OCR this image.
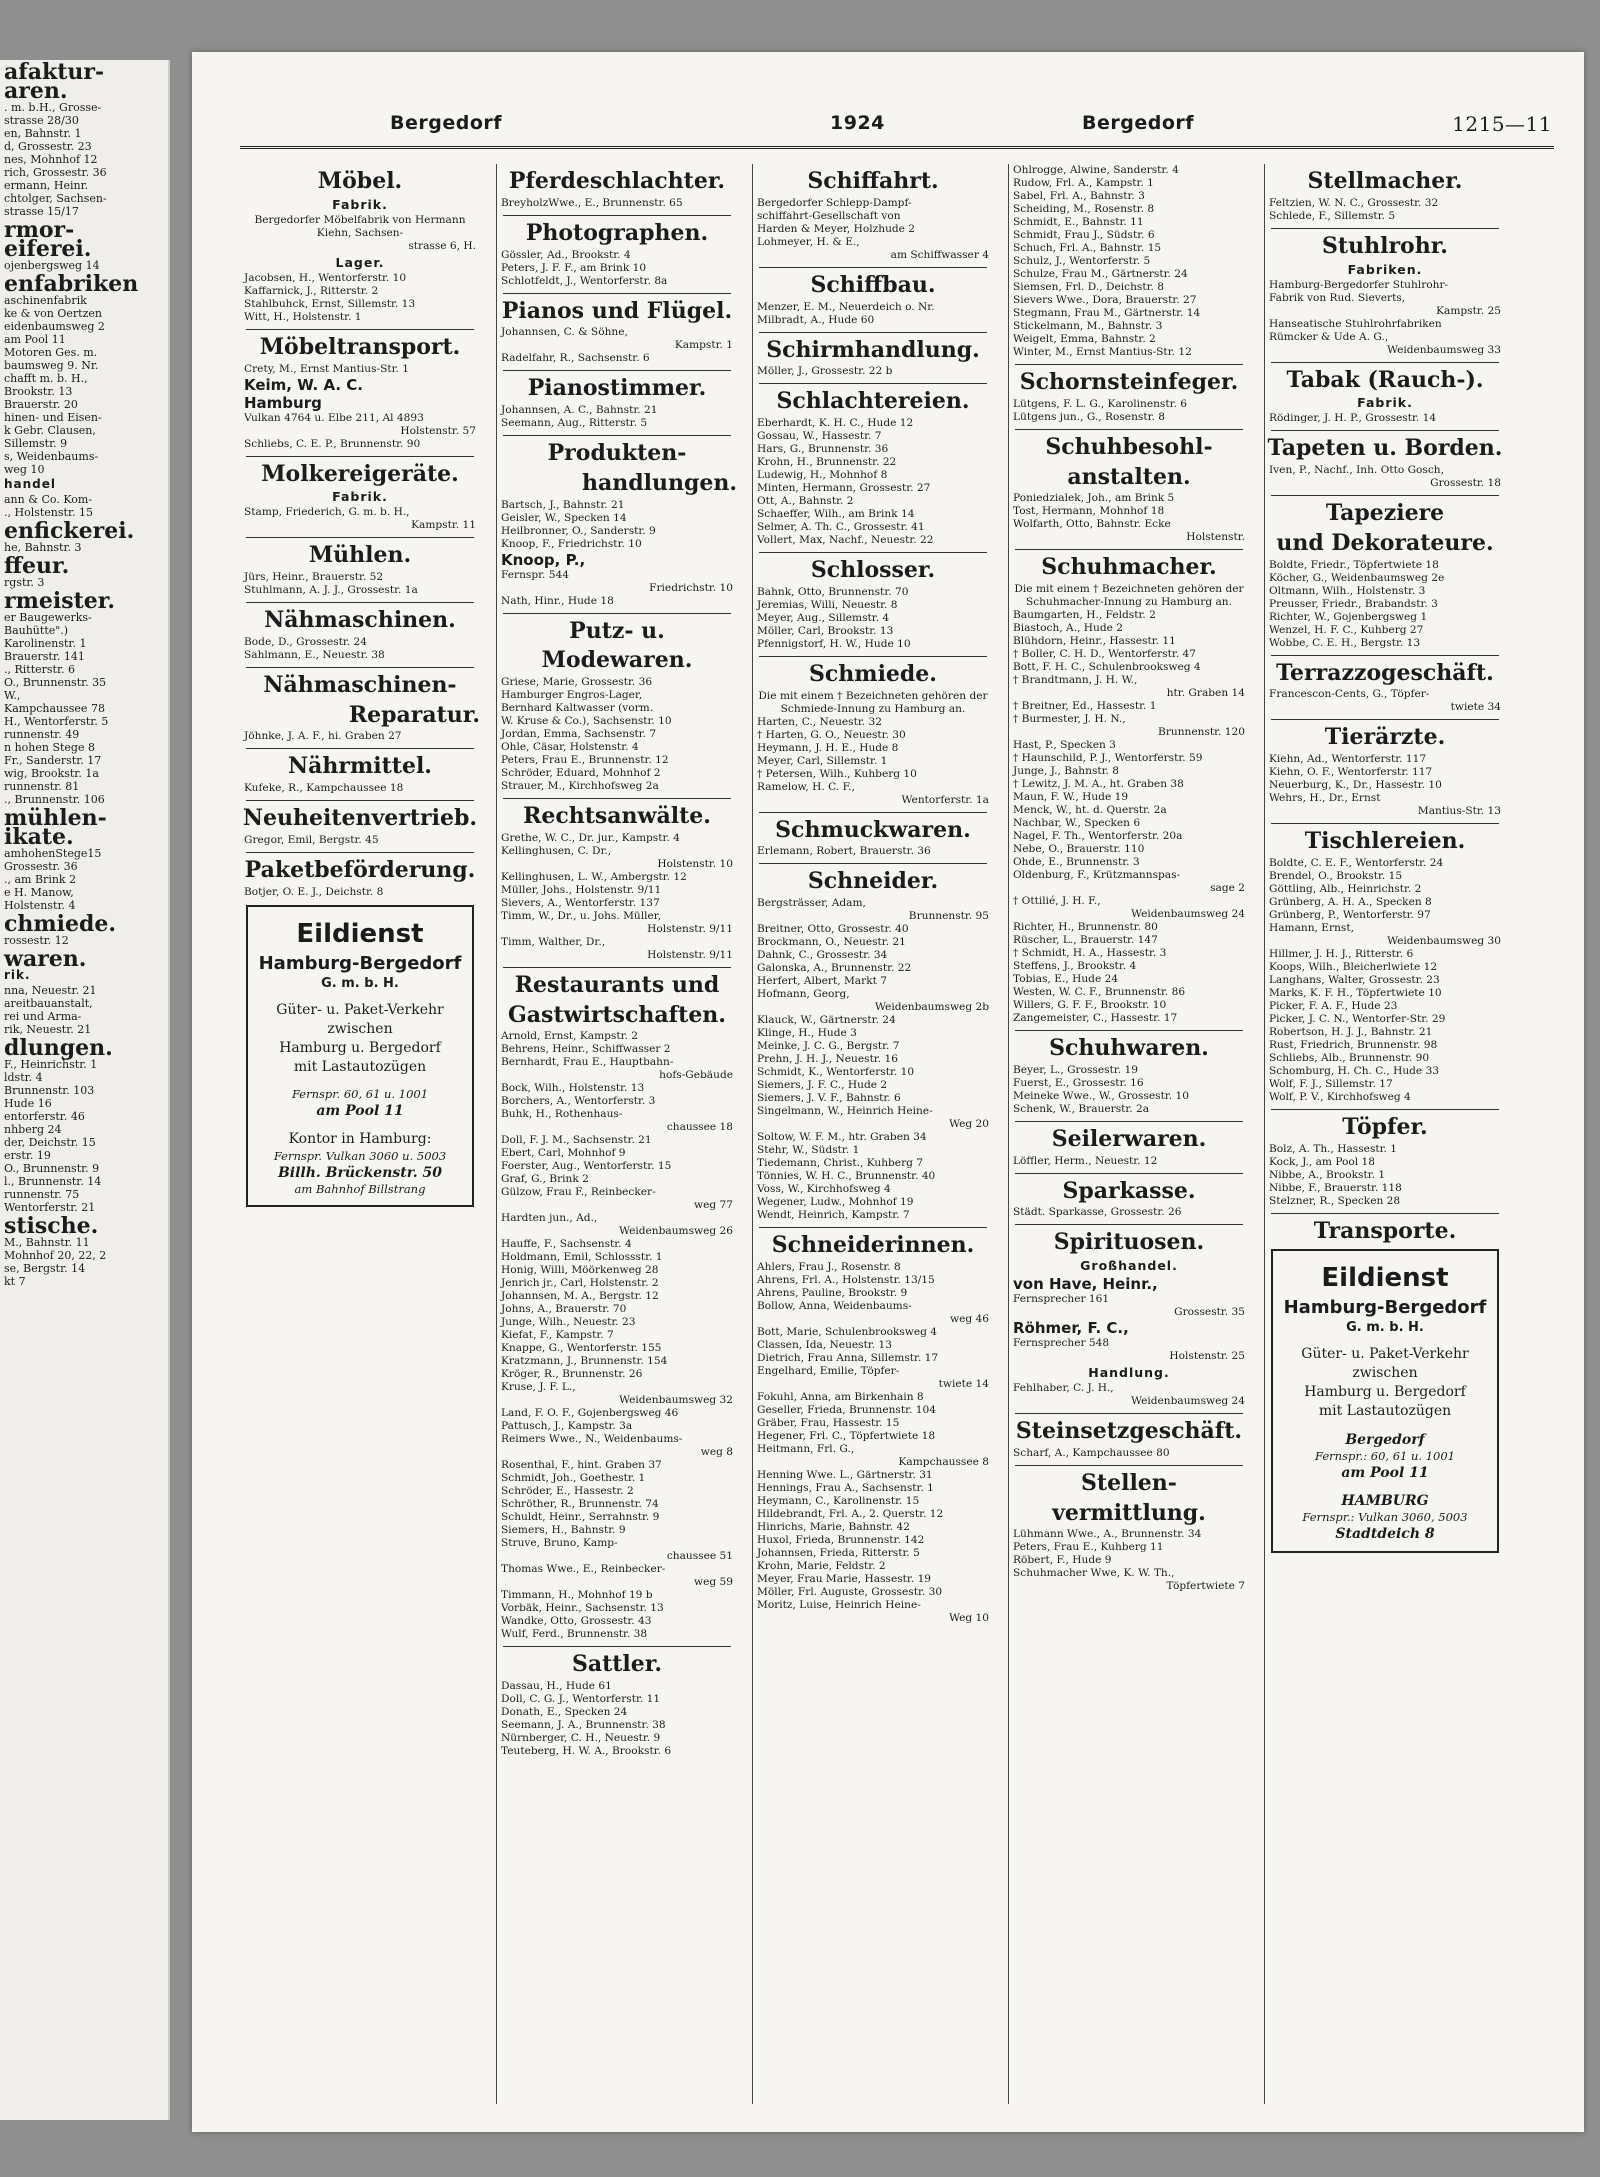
afaktur-
aren.
. m. b.H., Grosse-
strasse 28/30
en, Bahnstr. 1
d, Grossestr. 23
nes, Mohnhof 12
rich, Grossestr. 36
ermann, Heinr.
chtolger, Sachsen-
strasse 15/17
rmor-
eiferei.
ojenbergsweg 14
enfabriken
aschinenfabrik
ke & von Oertzen
eidenbaumsweg 2
am Pool 11
Motoren Ges. m.
baumsweg 9. Nr.
chafft m. b. H.,
Brookstr. 13
Brauerstr. 20
hinen- und Eisen-
k Gebr. Clausen,
Sillemstr. 9
s, Weidenbaums-
weg 10
handel
ann & Co. Kom-
., Holstenstr. 15
enfickerei.
he, Bahnstr. 3
ffeur.
rgstr. 3
rmeister.
er Baugewerks-
Bauhütte".)
Karolinenstr. 1
Brauerstr. 141
., Ritterstr. 6
O., Brunnenstr. 35
W.,
Kampchaussee 78
H., Wentorferstr. 5
runnenstr. 49
n hohen Stege 8
Fr., Sanderstr. 17
wig, Brookstr. 1a
runnenstr. 81
., Brunnenstr. 106
mühlen-
ikate.
amhohenStege15
Grossestr. 36
., am Brink 2
e H. Manow,
Holstenstr. 4
chmiede.
rossestr. 12
waren.
rik.
nna, Neuestr. 21
areitbauanstalt,
rei und Arma-
rik, Neuestr. 21
dlungen.
F., Heinrichstr. 1
ldstr. 4
Brunnenstr. 103
Hude 16
entorferstr. 46
nhberg 24
der, Deichstr. 15
erstr. 19
O., Brunnenstr. 9
l., Brunnenstr. 14
runnenstr. 75
Wentorferstr. 21
stische.
M., Bahnstr. 11
Mohnhof 20, 22, 2
se, Bergstr. 14
kt 7
Bergedorf	1924	Bergedorf	1215—11
Möbel.
Fabrik.
Bergedorfer Möbelfabrik von Hermann Kiehn, Sachsen-
strasse 6, H.
Lager.
Jacobsen, H., Wentorferstr. 10
Kaffarnick, J., Ritterstr. 2
Stahlbuhck, Ernst, Sillemstr. 13
Witt, H., Holstenstr. 1
Möbeltransport.
Crety, M., Ernst Mantius-Str. 1
Keim, W. A. C.
Hamburg
Vulkan 4764 u. Elbe 211, Al 4893
Holstenstr. 57
Schliebs, C. E. P., Brunnenstr. 90
Molkereigeräte.
Fabrik.
Stamp, Friederich, G. m. b. H.,
Kampstr. 11
Mühlen.
Jürs, Heinr., Brauerstr. 52
Stuhlmann, A. J. J., Grossestr. 1a
Nähmaschinen.
Bode, D., Grossestr. 24
Sahlmann, E., Neuestr. 38
Nähmaschinen-
Reparatur.
Jöhnke, J. A. F., hi. Graben 27
Nährmittel.
Kufeke, R., Kampchaussee 18
Neuheitenvertrieb.
Gregor, Emil, Bergstr. 45
Paketbeförderung.
Botjer, O. E. J., Deichstr. 8
Eildienst
Hamburg-Bergedorf
G. m. b. H.
Güter- u. Paket-Verkehr
zwischen
Hamburg u. Bergedorf
mit Lastautozügen
Fernspr. 60, 61 u. 1001
am Pool 11
Kontor in Hamburg:
Fernspr. Vulkan 3060 u. 5003
Billh. Brückenstr. 50
am Bahnhof Billstrang
Pferdeschlachter.
BreyholzWwe., E., Brunnenstr. 65
Photographen.
Gössler, Ad., Brookstr. 4
Peters, J. F. F., am Brink 10
Schlotfeldt, J., Wentorferstr. 8a
Pianos und Flügel.
Johannsen, C. & Söhne,
Kampstr. 1
Radelfahr, R., Sachsenstr. 6
Pianostimmer.
Johannsen, A. C., Bahnstr. 21
Seemann, Aug., Ritterstr. 5
Produkten-
handlungen.
Bartsch, J., Bahnstr. 21
Geisler, W., Specken 14
Heilbronner, O., Sanderstr. 9
Knoop, F., Friedrichstr. 10
Knoop, P.,
Fernspr. 544
Friedrichstr. 10
Nath, Hinr., Hude 18
Putz- u.
Modewaren.
Griese, Marie, Grossestr. 36
Hamburger Engros-Lager,
Bernhard Kaltwasser (vorm.
W. Kruse & Co.), Sachsenstr. 10
Jordan, Emma, Sachsenstr. 7
Ohle, Cäsar, Holstenstr. 4
Peters, Frau E., Brunnenstr. 12
Schröder, Eduard, Mohnhof 2
Strauer, M., Kirchhofsweg 2a
Rechtsanwälte.
Grethe, W. C., Dr. jur., Kampstr. 4
Kellinghusen, C. Dr.,
Holstenstr. 10
Kellinghusen, L. W., Ambergstr. 12
Müller, Johs., Holstenstr. 9/11
Sievers, A., Wentorferstr. 137
Timm, W., Dr., u. Johs. Müller,
Holstenstr. 9/11
Timm, Walther, Dr.,
Holstenstr. 9/11
Restaurants und
Gastwirtschaften.
Arnold, Ernst, Kampstr. 2
Behrens, Heinr., Schiffwasser 2
Bernhardt, Frau E., Hauptbahn-
hofs-Gebäude
Bock, Wilh., Holstenstr. 13
Borchers, A., Wentorferstr. 3
Buhk, H., Rothenhaus-
chaussee 18
Doll, F. J. M., Sachsenstr. 21
Ebert, Carl, Mohnhof 9
Foerster, Aug., Wentorferstr. 15
Graf, G., Brink 2
Gülzow, Frau F., Reinbecker-
weg 77
Hardten jun., Ad.,
Weidenbaumsweg 26
Hauffe, F., Sachsenstr. 4
Holdmann, Emil, Schlossstr. 1
Honig, Willi, Möörkenweg 28
Jenrich jr., Carl, Holstenstr. 2
Johannsen, M. A., Bergstr. 12
Johns, A., Brauerstr. 70
Junge, Wilh., Neuestr. 23
Kiefat, F., Kampstr. 7
Knappe, G., Wentorferstr. 155
Kratzmann, J., Brunnenstr. 154
Kröger, R., Brunnenstr. 26
Kruse, J. F. L.,
Weidenbaumsweg 32
Land, F. O. F., Gojenbergsweg 46
Pattusch, J., Kampstr. 3a
Reimers Wwe., N., Weidenbaums-
weg 8
Rosenthal, F., hint. Graben 37
Schmidt, Joh., Goethestr. 1
Schröder, E., Hassestr. 2
Schröther, R., Brunnenstr. 74
Schuldt, Heinr., Serrahnstr. 9
Siemers, H., Bahnstr. 9
Struve, Bruno, Kamp-
chaussee 51
Thomas Wwe., E., Reinbecker-
weg 59
Timmann, H., Mohnhof 19 b
Vorbäk, Heinr., Sachsenstr. 13
Wandke, Otto, Grossestr. 43
Wulf, Ferd., Brunnenstr. 38
Sattler.
Dassau, H., Hude 61
Doll, C. G. J., Wentorferstr. 11
Donath, E., Specken 24
Seemann, J. A., Brunnenstr. 38
Nürnberger, C. H., Neuestr. 9
Teuteberg, H. W. A., Brookstr. 6
Schiffahrt.
Bergedorfer Schlepp-Dampf-
schiffahrt-Gesellschaft von
Harden & Meyer, Holzhude 2
Lohmeyer, H. & E.,
am Schiffwasser 4
Schiffbau.
Menzer, E. M., Neuerdeich o. Nr.
Milbradt, A., Hude 60
Schirmhandlung.
Möller, J., Grossestr. 22 b
Schlachtereien.
Eberhardt, K. H. C., Hude 12
Gossau, W., Hassestr. 7
Hars, G., Brunnenstr. 36
Krohn, H., Brunnenstr. 22
Ludewig, H., Mohnhof 8
Minten, Hermann, Grossestr. 27
Ott, A., Bahnstr. 2
Schaeffer, Wilh., am Brink 14
Selmer, A. Th. C., Grossestr. 41
Vollert, Max, Nachf., Neuestr. 22
Schlosser.
Bahnk, Otto, Brunnenstr. 70
Jeremias, Willi, Neuestr. 8
Meyer, Aug., Sillemstr. 4
Möller, Carl, Brookstr. 13
Pfennigstorf, H. W., Hude 10
Schmiede.
Die mit einem † Bezeichneten gehören der Schmiede-Innung zu Hamburg an.
Harten, C., Neuestr. 32
† Harten, G. O., Neuestr. 30
Heymann, J. H. E., Hude 8
Meyer, Carl, Sillemstr. 1
† Petersen, Wilh., Kuhberg 10
Ramelow, H. C. F.,
Wentorferstr. 1a
Schmuckwaren.
Erlemann, Robert, Brauerstr. 36
Schneider.
Bergsträsser, Adam,
Brunnenstr. 95
Breitner, Otto, Grossestr. 40
Brockmann, O., Neuestr. 21
Dahnk, C., Grossestr. 34
Galonska, A., Brunnenstr. 22
Herfert, Albert, Markt 7
Hofmann, Georg,
Weidenbaumsweg 2b
Klauck, W., Gärtnerstr. 24
Klinge, H., Hude 3
Meinke, J. C. G., Bergstr. 7
Prehn, J. H. J., Neuestr. 16
Schmidt, K., Wentorferstr. 10
Siemers, J. F. C., Hude 2
Siemers, J. V. F., Bahnstr. 6
Singelmann, W., Heinrich Heine-
Weg 20
Soltow, W. F. M., htr. Graben 34
Stehr, W., Südstr. 1
Tiedemann, Christ., Kuhberg 7
Tönnies, W. H. C., Brunnenstr. 40
Voss, W., Kirchhofsweg 4
Wegener, Ludw., Mohnhof 19
Wendt, Heinrich, Kampstr. 7
Schneiderinnen.
Ahlers, Frau J., Rosenstr. 8
Ahrens, Frl. A., Holstenstr. 13/15
Ahrens, Pauline, Brookstr. 9
Bollow, Anna, Weidenbaums-
weg 46
Bott, Marie, Schulenbrooksweg 4
Classen, Ida, Neuestr. 13
Dietrich, Frau Anna, Sillemstr. 17
Engelhard, Emilie, Töpfer-
twiete 14
Fokuhl, Anna, am Birkenhain 8
Geseller, Frieda, Brunnenstr. 104
Gräber, Frau, Hassestr. 15
Hegener, Frl. C., Töpfertwiete 18
Heitmann, Frl. G.,
Kampchaussee 8
Henning Wwe. L., Gärtnerstr. 31
Hennings, Frau A., Sachsenstr. 1
Heymann, C., Karolinenstr. 15
Hildebrandt, Frl. A., 2. Querstr. 12
Hinrichs, Marie, Bahnstr. 42
Huxol, Frieda, Brunnenstr. 142
Johannsen, Frieda, Ritterstr. 5
Krohn, Marie, Feldstr. 2
Meyer, Frau Marie, Hassestr. 19
Möller, Frl. Auguste, Grossestr. 30
Moritz, Luise, Heinrich Heine-
Weg 10
Ohlrogge, Alwine, Sanderstr. 4
Rudow, Frl. A., Kampstr. 1
Sabel, Frl. A., Bahnstr. 3
Scheiding, M., Rosenstr. 8
Schmidt, E., Bahnstr. 11
Schmidt, Frau J., Südstr. 6
Schuch, Frl. A., Bahnstr. 15
Schulz, J., Wentorferstr. 5
Schulze, Frau M., Gärtnerstr. 24
Siemsen, Frl. D., Deichstr. 8
Sievers Wwe., Dora, Brauerstr. 27
Stegmann, Frau M., Gärtnerstr. 14
Stickelmann, M., Bahnstr. 3
Weigelt, Emma, Bahnstr. 2
Winter, M., Ernst Mantius-Str. 12
Schornsteinfeger.
Lütgens, F. L. G., Karolinenstr. 6
Lütgens jun., G., Rosenstr. 8
Schuhbesohl-
anstalten.
Poniedzialek, Joh., am Brink 5
Tost, Hermann, Mohnhof 18
Wolfarth, Otto, Bahnstr. Ecke
Holstenstr.
Schuhmacher.
Die mit einem † Bezeichneten gehören der Schuhmacher-Innung zu Hamburg an.
Baumgarten, H., Feldstr. 2
Biastoch, A., Hude 2
Blühdorn, Heinr., Hassestr. 11
† Boller, C. H. D., Wentorferstr. 47
Bott, F. H. C., Schulenbrooksweg 4
† Brandtmann, J. H. W.,
htr. Graben 14
† Breitner, Ed., Hassestr. 1
† Burmester, J. H. N.,
Brunnenstr. 120
Hast, P., Specken 3
† Haunschild, P. J., Wentorferstr. 59
Junge, J., Bahnstr. 8
† Lewitz, J. M. A., ht. Graben 38
Maun, F. W., Hude 19
Menck, W., ht. d. Querstr. 2a
Nachbar, W., Specken 6
Nagel, F. Th., Wentorferstr. 20a
Nebe, O., Brauerstr. 110
Ohde, E., Brunnenstr. 3
Oldenburg, F., Krützmannspas-
sage 2
† Ottilié, J. H. F.,
Weidenbaumsweg 24
Richter, H., Brunnenstr. 80
Rüscher, L., Brauerstr. 147
† Schmidt, H. A., Hassestr. 3
Steffens, J., Brookstr. 4
Tobias, E., Hude 24
Westen, W. C. F., Brunnenstr. 86
Willers, G. F. F., Brookstr. 10
Zangemeister, C., Hassestr. 17
Schuhwaren.
Beyer, L., Grossestr. 19
Fuerst, E., Grossestr. 16
Meineke Wwe., W., Grossestr. 10
Schenk, W., Brauerstr. 2a
Seilerwaren.
Löffler, Herm., Neuestr. 12
Sparkasse.
Städt. Sparkasse, Grossestr. 26
Spirituosen.
Großhandel.
von Have, Heinr.,
Fernsprecher 161
Grossestr. 35
Röhmer, F. C.,
Fernsprecher 548
Holstenstr. 25
Handlung.
Fehlhaber, C. J. H.,
Weidenbaumsweg 24
Steinsetzgeschäft.
Scharf, A., Kampchaussee 80
Stellen-
vermittlung.
Lühmann Wwe., A., Brunnenstr. 34
Peters, Frau E., Kuhberg 11
Röbert, F., Hude 9
Schuhmacher Wwe, K. W. Th.,
Töpfertwiete 7
Stellmacher.
Feltzien, W. N. C., Grossestr. 32
Schlede, F., Sillemstr. 5
Stuhlrohr.
Fabriken.
Hamburg-Bergedorfer Stuhlrohr-
Fabrik von Rud. Sieverts,
Kampstr. 25
Hanseatische Stuhlrohrfabriken
Rümcker & Ude A. G.,
Weidenbaumsweg 33
Tabak (Rauch-).
Fabrik.
Rödinger, J. H. P., Grossestr. 14
Tapeten u. Borden.
Iven, P., Nachf., Inh. Otto Gosch,
Grossestr. 18
Tapeziere
und Dekorateure.
Boldte, Friedr., Töpfertwiete 18
Köcher, G., Weidenbaumsweg 2e
Oltmann, Wilh., Holstenstr. 3
Preusser, Friedr., Brabandstr. 3
Richter, W., Gojenbergsweg 1
Wenzel, H. F. C., Kuhberg 27
Wobbe, C. E. H., Bergstr. 13
Terrazzogeschäft.
Francescon-Cents, G., Töpfer-
twiete 34
Tierärzte.
Kiehn, Ad., Wentorferstr. 117
Kiehn, O. F., Wentorferstr. 117
Neuerburg, K., Dr., Hassestr. 10
Wehrs, H., Dr., Ernst
Mantius-Str. 13
Tischlereien.
Boldte, C. E. F., Wentorferstr. 24
Brendel, O., Brookstr. 15
Göttling, Alb., Heinrichstr. 2
Grünberg, A. H. A., Specken 8
Grünberg, P., Wentorferstr. 97
Hamann, Ernst,
Weidenbaumsweg 30
Hillmer, J. H. J., Ritterstr. 6
Koops, Wilh., Bleicherlwiete 12
Langhans, Walter, Grossestr. 23
Marks, K. F. H., Töpfertwiete 10
Picker, F. A. F., Hude 23
Picker, J. C. N., Wentorfer-Str. 29
Robertson, H. J. J., Bahnstr. 21
Rust, Friedrich, Brunnenstr. 98
Schliebs, Alb., Brunnenstr. 90
Schomburg, H. Ch. C., Hude 33
Wolf, F. J., Sillemstr. 17
Wolf, P. V., Kirchhofsweg 4
Töpfer.
Bolz, A. Th., Hassestr. 1
Kock, J., am Pool 18
Nibbe, A., Brookstr. 1
Nibbe, F., Brauerstr. 118
Stelzner, R., Specken 28
Transporte.
Eildienst
Hamburg-Bergedorf
G. m. b. H.
Güter- u. Paket-Verkehr
zwischen
Hamburg u. Bergedorf
mit Lastautozügen
Bergedorf
Fernspr.: 60, 61 u. 1001
am Pool 11
HAMBURG
Fernspr.: Vulkan 3060, 5003
Stadtdeich 8
